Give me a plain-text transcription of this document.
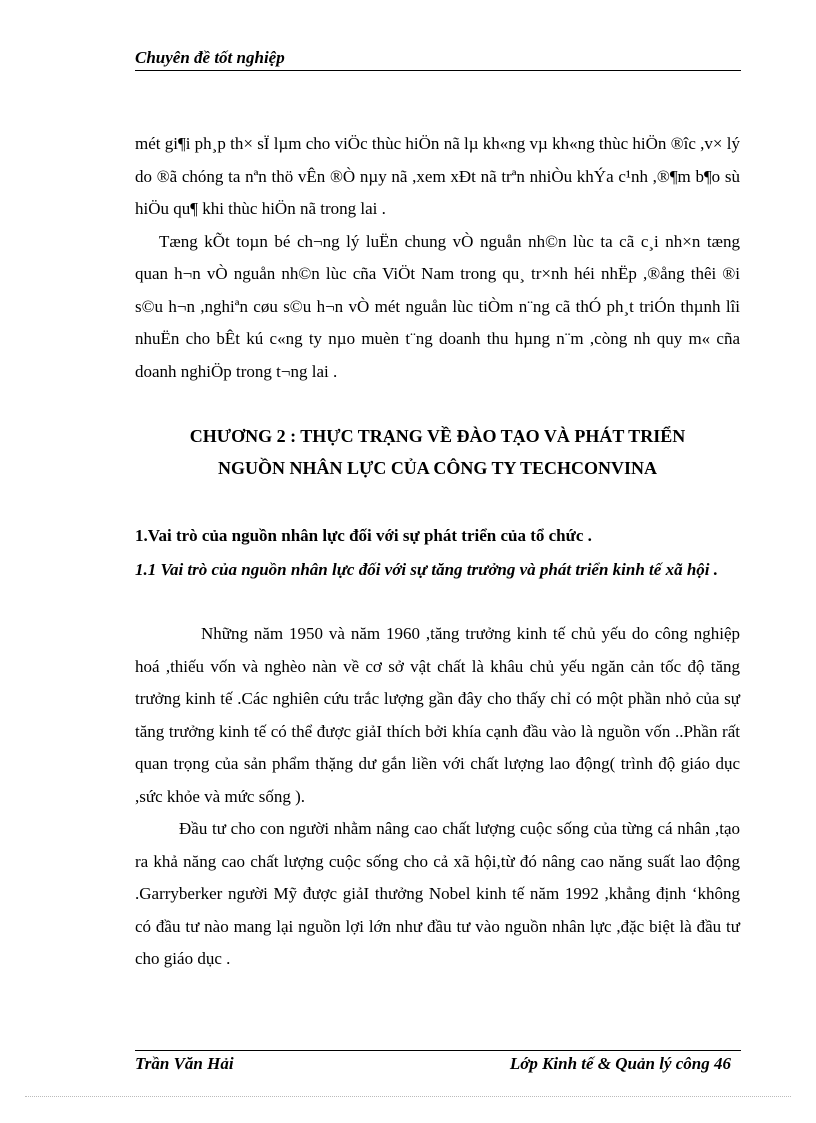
Chuyên đề tốt nghiệp

mét gi¶i ph¸p th× sÏ lµm cho viÖc thùc hiÖn nã lµ kh«ng vµ kh«ng thùc hiÖn ®îc ,v× lý do ®ã chóng ta nªn thö vÊn ®Ò nµy nã ,xem xÐt nã trªn nhiÒu khÝa c¹nh ,®¶m b¶o sù hiÖu qu¶ khi thùc hiÖn nã trong lai .

Tæng kÕt toµn bé ch¬ng lý luËn chung vÒ nguån nh©n lùc ta cã c¸i nh×n tæng quan h¬n vÒ nguån nh©n lùc cña ViÖt Nam trong qu¸ tr×nh héi nhËp ,®ång thêi ®i s©u h¬n ,nghiªn cøu s©u h¬n vÒ mét nguån lùc tiÒm n¨ng cã thÓ ph¸t triÓn thµnh lîi nhuËn cho bÊt kú c«ng ty nµo muèn t¨ng doanh thu hµng n¨m ,còng nh quy m« cña doanh nghiÖp trong t¬ng lai .

CHƯƠNG 2 : THỰC TRẠNG VỀ ĐÀO TẠO VÀ PHÁT TRIỂN
NGUỒN NHÂN LỰC CỦA CÔNG TY TECHCONVINA
1.Vai trò của nguồn nhân lực đối với sự phát triển của tổ chức .
1.1 Vai trò của nguồn nhân lực đối với sự tăng trưởng và phát triển kinh tế xã hội .

Những năm 1950 và năm 1960 ,tăng trưởng kinh tế chủ yếu do công nghiệp hoá ,thiếu vốn và nghèo nàn về cơ sở vật chất là khâu chủ yếu ngăn cản tốc độ tăng trưởng kinh tế .Các nghiên cứu trắc lượng gần đây cho thấy chỉ có một phần nhỏ của sự tăng trưởng kinh tế có thể được giảI thích bởi khía cạnh đầu vào là nguồn vốn ..Phần rất quan trọng của sản phẩm thặng dư gắn liền với chất lượng lao động( trình độ giáo dục ,sức khỏe và mức sống ).

Đầu tư cho con người nhằm nâng cao chất lượng cuộc sống của từng cá nhân ,tạo ra khả năng cao chất lượng cuộc sống cho cả xã hội,từ đó nâng cao năng suất lao động .Garryberker người Mỹ được giảI thưởng Nobel kinh tế năm 1992 ,khẳng định ‘không có đầu tư nào mang lại nguồn lợi lớn như đầu tư vào nguồn nhân lực ,đặc biệt là đầu tư cho giáo dục .

Trần Văn Hải	Lớp Kinh tế & Quản lý công 46
